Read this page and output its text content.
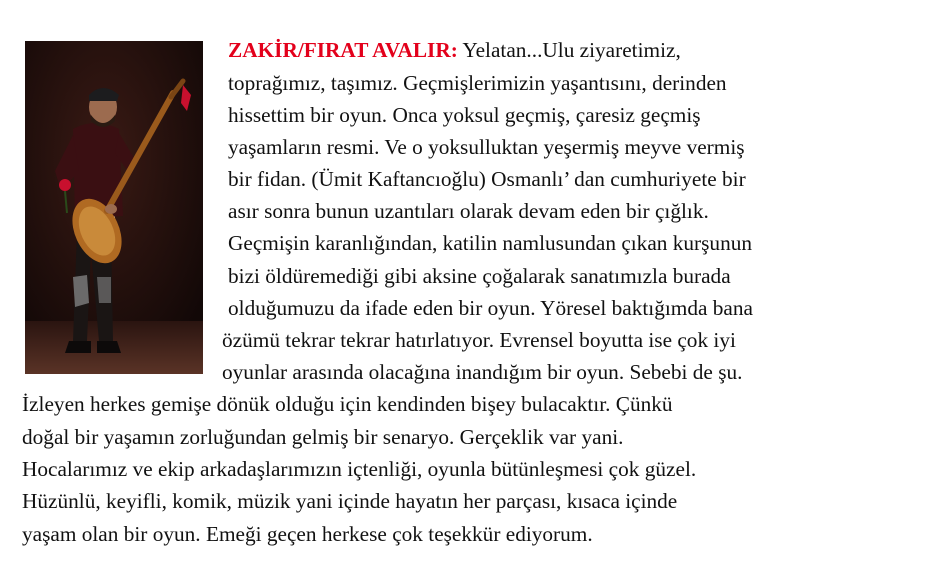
ZAKİR/FIRAT AVALIR: Yelatan...Ulu ziyaretimiz,
toprağımız, taşımız. Geçmişlerimizin yaşantısını, derinden
hissettim bir oyun. Onca yoksul geçmiş, çaresiz geçmiş
yaşamların resmi. Ve o yoksulluktan yeşermiş meyve vermiş
bir fidan. (Ümit Kaftancıoğlu) Osmanlı’ dan cumhuriyete bir
asır sonra bunun uzantıları olarak devam eden bir çığlık.
Geçmişin karanlığından, katilin namlusundan çıkan kurşunun
bizi öldüremediği gibi aksine çoğalarak sanatımızla burada
olduğumuzu da ifade eden bir oyun. Yöresel baktığımda bana
özümü tekrar tekrar hatırlatıyor. Evrensel boyutta ise çok iyi
oyunlar arasında olacağına inandığım bir oyun. Sebebi de şu.
İzleyen herkes gemişe dönük olduğu için kendinden bişey bulacaktır. Çünkü
doğal bir yaşamın zorluğundan gelmiş bir senaryo. Gerçeklik var yani.
Hocalarımız ve ekip arkadaşlarımızın içtenliği, oyunla bütünleşmesi çok güzel.
Hüzünlü, keyifli, komik, müzik yani içinde hayatın her parçası, kısaca içinde
yaşam olan bir oyun. Emeği geçen herkese çok teşekkür ediyorum.
